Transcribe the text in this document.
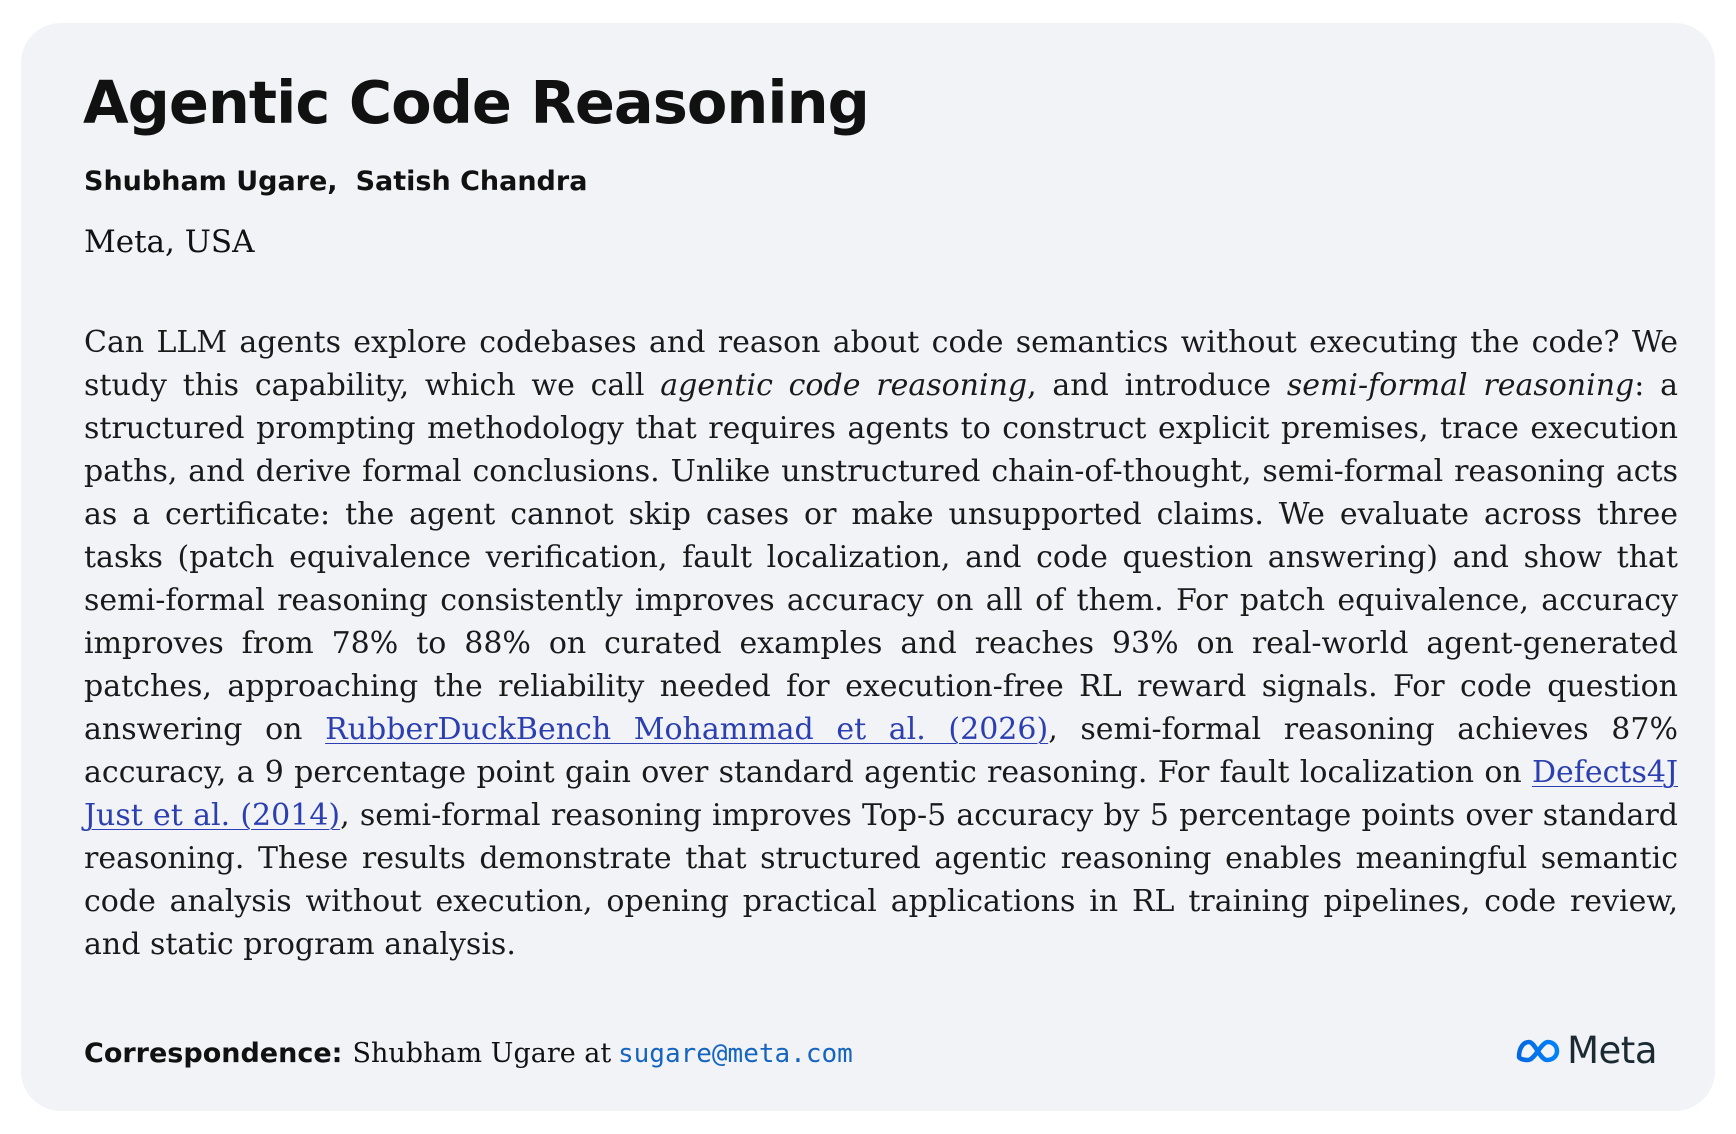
Agentic Code Reasoning
Shubham Ugare, Satish Chandra
Meta, USA

Can LLM agents explore codebases and reason about code semantics without executing the code? We study this capability, which we call agentic code reasoning, and introduce semi-formal reasoning: a structured prompting methodology that requires agents to construct explicit premises, trace execution paths, and derive formal conclusions. Unlike unstructured chain-of-thought, semi-formal reasoning acts as a certificate: the agent cannot skip cases or make unsupported claims. We evaluate across three tasks (patch equivalence verification, fault localization, and code question answering) and show that semi-formal reasoning consistently improves accuracy on all of them. For patch equivalence, accuracy improves from 78% to 88% on curated examples and reaches 93% on real-world agent-generated patches, approaching the reliability needed for execution-free RL reward signals. For code question answering on RubberDuckBench Mohammad et al. (2026), semi-formal reasoning achieves 87% accuracy, a 9 percentage point gain over standard agentic reasoning. For fault localization on Defects4J Just et al. (2014), semi-formal reasoning improves Top-5 accuracy by 5 percentage points over standard reasoning. These results demonstrate that structured agentic reasoning enables meaningful semantic code analysis without execution, opening practical applications in RL training pipelines, code review, and static program analysis.

Correspondence: Shubham Ugare at sugare@meta.com	Meta
